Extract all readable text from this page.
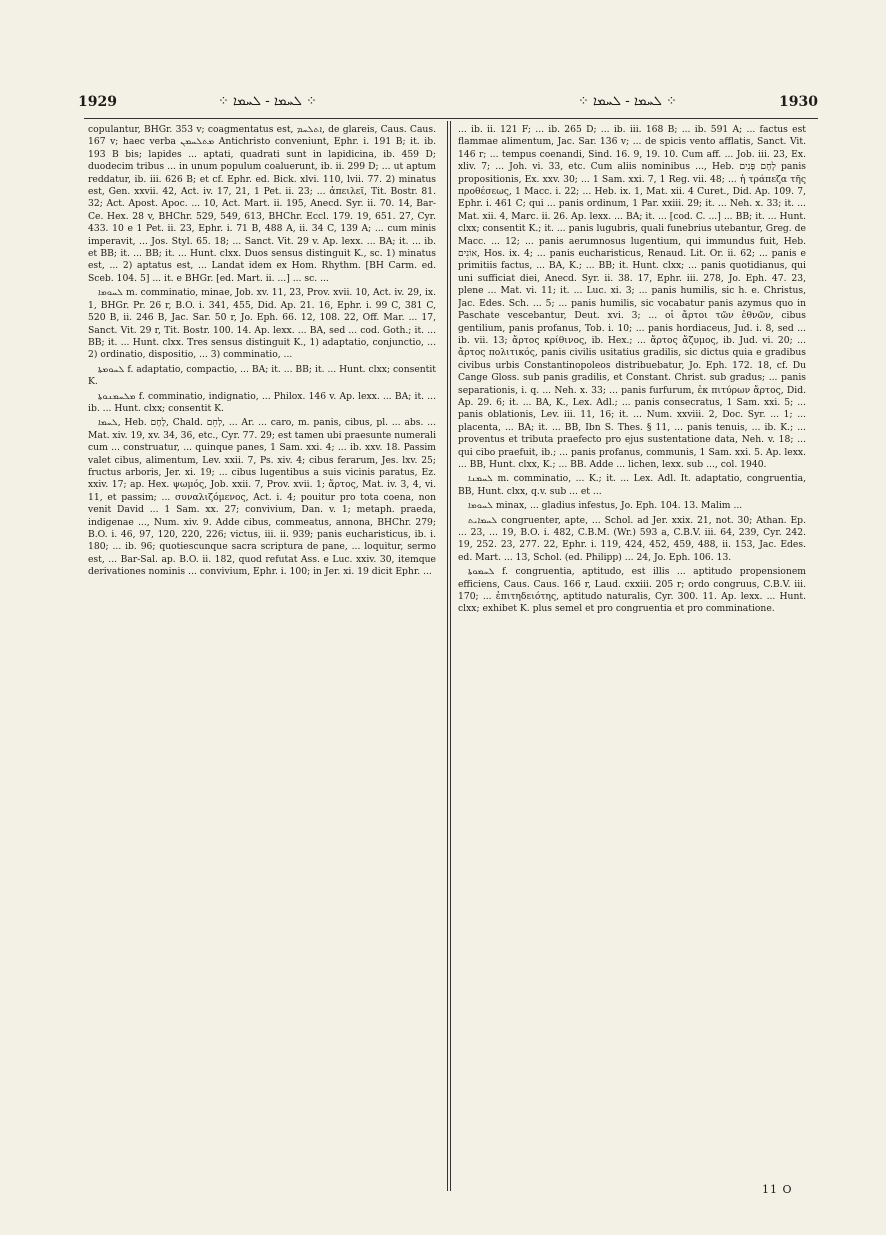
1929	⁘ ܠܚܡܐ - ܠܚܡܐ ⁘	⁘ ܠܚܡܐ - ܠܚܡܐ ⁘	1930

copulantur, BHGr. 353 v; coagmentatus est, ܐܬܠܚܡ, de glareis, Caus. Caus. 167 v; haec verba ܡܬܠܚܡܢ Antichristo conveniunt, Ephr. i. 191 B; it. ib. 193 B bis; lapides ... aptati, quadrati sunt in lapidicina, ib. 459 D; duodecim tribus ... in unum populum coaluerunt, ib. ii. 299 D; ... ut aptum reddatur, ib. iii. 626 B; et cf. Ephr. ed. Bick. xlvi. 110, lvii. 77. 2) minatus est, Gen. xxvii. 42, Act. iv. 17, 21, 1 Pet. ii. 23; ... ἀπειλεῖ, Tit. Bostr. 81. 32; Act. Apost. Apoc. ... 10, Act. Mart. ii. 195, Anecd. Syr. ii. 70. 14, Bar-Ce. Hex. 28 v, BHChr. 529, 549, 613, BHChr. Eccl. 179. 19, 651. 27, Cyr. 433. 10 e 1 Pet. ii. 23, Ephr. i. 71 B, 488 A, ii. 34 C, 139 A; ... cum minis imperavit, ... Jos. Styl. 65. 18; ... Sanct. Vit. 29 v. Ap. lexx. ... BA; it. ... ib. et BB; it. ... BB; it. ... Hunt. clxx. Duos sensus distinguit K., sc. 1) minatus est, ... 2) aptatus est, ... Landat idem ex Hom. Rhythm. [BH Carm. ed. Sceb. 104. 5] ... it. e BHGr. [ed. Mart. ii. ...] ... sc. ...

ܠܚܘܡܐ m. comminatio, minae, Job. xv. 11, 23, Prov. xvii. 10, Act. iv. 29, ix. 1, BHGr. Pr. 26 r, B.O. i. 341, 455, Did. Ap. 21. 16, Ephr. i. 99 C, 381 C, 520 B, ii. 246 B, Jac. Sar. 50 r, Jo. Eph. 66. 12, 108. 22, Off. Mar. ... 17, Sanct. Vit. 29 r, Tit. Bostr. 100. 14. Ap. lexx. ... BA, sed ... cod. Goth.; it. ... BB; it. ... Hunt. clxx. Tres sensus distinguit K., 1) adaptatio, conjunctio, ... 2) ordinatio, dispositio, ... 3) comminatio, ...

ܠܚܘܡܬܐ f. adaptatio, compactio, ... BA; it. ... BB; it. ... Hunt. clxx; consentit K.

ܡܠܚܡܢܘܬܐ f. comminatio, indignatio, ... Philox. 146 v. Ap. lexx. ... BA; it. ... ib. ... Hunt. clxx; consentit K.

ܠܚܡܐ, Heb. לֶחֶם, Chald. לְחֵם, ... Ar. ... caro, m. panis, cibus, pl. ... abs. ... Mat. xiv. 19, xv. 34, 36, etc., Cyr. 77. 29; est tamen ubi praesunte numerali cum ... construatur, ... quinque panes, 1 Sam. xxi. 4; ... ib. xxv. 18. Passim valet cibus, alimentum, Lev. xxii. 7, Ps. xiv. 4; cibus ferarum, Jes. lxv. 25; fructus arboris, Jer. xi. 19; ... cibus lugentibus a suis vicinis paratus, Ez. xxiv. 17; ap. Hex. ψωμός, Job. xxii. 7, Prov. xvii. 1; ἄρτος, Mat. iv. 3, 4, vi. 11, et passim; ... συναλιζόμενος, Act. i. 4; pouitur pro tota coena, non venit David ... 1 Sam. xx. 27; convivium, Dan. v. 1; metaph. praeda, indigenae ..., Num. xiv. 9. Adde cibus, commeatus, annona, BHChr. 279; B.O. i. 46, 97, 120, 220, 226; victus, iii. ii. 939; panis eucharisticus, ib. i. 180; ... ib. 96; quotiescunque sacra scriptura de pane, ... loquitur, sermo est, ... Bar-Sal. ap. B.O. ii. 182, quod refutat Ass. e Luc. xxiv. 30, itemque derivationes nominis ... convivium, Ephr. i. 100; in Jer. xi. 19 dicit Ephr. ...

... ib. ii. 121 F; ... ib. 265 D; ... ib. iii. 168 B; ... ib. 591 A; ... factus est flammae alimentum, Jac. Sar. 136 v; ... de spicis vento afflatis, Sanct. Vit. 146 r; ... tempus coenandi, Sind. 16. 9, 19. 10. Cum aff. ... Job. iii. 23, Ex. xliv. 7; ... Joh. vi. 33, etc. Cum aliis nominibus ..., Heb. לֶחֶם פָּנִים panis propositionis, Ex. xxv. 30; ... 1 Sam. xxi. 7, 1 Reg. vii. 48; ... ἡ τράπεζα τῆς προθέσεως, 1 Macc. i. 22; ... Heb. ix. 1, Mat. xii. 4 Curet., Did. Ap. 109. 7, Ephr. i. 461 C; qui ... panis ordinum, 1 Par. xxiii. 29; it. ... Neh. x. 33; it. ... Mat. xii. 4, Marc. ii. 26. Ap. lexx. ... BA; it. ... [cod. C. ...] ... BB; it. ... Hunt. clxx; consentit K.; it. ... panis lugubris, quali funebrius utebantur, Greg. de Macc. ... 12; ... panis aerumnosus lugentium, qui immundus fuit, Heb. אוֹנִים, Hos. ix. 4; ... panis eucharisticus, Renaud. Lit. Or. ii. 62; ... panis e primitiis factus, ... BA, K.; ... BB; it. Hunt. clxx; ... panis quotidianus, qui uni sufficiat diei, Anecd. Syr. ii. 38. 17, Ephr. iii. 278, Jo. Eph. 47. 23, plene ... Mat. vi. 11; it. ... Luc. xi. 3; ... panis humilis, sic h. e. Christus, Jac. Edes. Sch. ... 5; ... panis humilis, sic vocabatur panis azymus quo in Paschate vescebantur, Deut. xvi. 3; ... οἱ ἄρτοι τῶν ἐθνῶν, cibus gentilium, panis profanus, Tob. i. 10; ... panis hordiaceus, Jud. i. 8, sed ... ib. vii. 13; ἄρτος κρίθινος, ib. Hex.; ... ἄρτος ἄζυμος, ib. Jud. vi. 20; ... ἄρτος πολιτικός, panis civilis usitatius gradilis, sic dictus quia e gradibus civibus urbis Constantinopoleos distribuebatur, Jo. Eph. 172. 18, cf. Du Cange Gloss. sub panis gradilis, et Constant. Christ. sub gradus; ... panis separationis, i. q. ... Neh. x. 33; ... panis furfurum, ἐκ πιτύρων ἄρτος, Did. Ap. 29. 6; it. ... BA, K., Lex. Adl.; ... panis consecratus, 1 Sam. xxi. 5; ... panis oblationis, Lev. iii. 11, 16; it. ... Num. xxviii. 2, Doc. Syr. ... 1; ... placenta, ... BA; it. ... BB, Ibn S. Thes. § 11, ... panis tenuis, ... ib. K.; ... proventus et tributa praefecto pro ejus sustentatione data, Neh. v. 18; ... qui cibo praefuit, ib.; ... panis profanus, communis, 1 Sam. xxi. 5. Ap. lexx. ... BB, Hunt. clxx, K.; ... BB. Adde ... lichen, lexx. sub ..., col. 1940.

ܠܚܡܢܐ m. comminatio, ... K.; it. ... Lex. Adl. It. adaptatio, congruentia, BB, Hunt. clxx, q.v. sub ... et ...

ܠܚܘܡܐ minax, ... gladius infestus, Jo. Eph. 104. 13. Malim ...

ܠܚܡܐܝܬ congruenter, apte, ... Schol. ad Jer. xxix. 21, not. 30; Athan. Ep. ... 23, ... 19, B.O. i. 482, C.B.M. (Wr.) 593 a, C.B.V. iii. 64, 239, Cyr. 242. 19, 252. 23, 277. 22, Ephr. i. 119, 424, 452, 459, 488, ii. 153, Jac. Edes. ed. Mart. ... 13, Schol. (ed. Philipp) ... 24, Jo. Eph. 106. 13.

ܠܚܡܘܬܐ f. congruentia, aptitudo, est illis ... aptitudo propensionem efficiens, Caus. Caus. 166 r, Laud. cxxiii. 205 r; ordo congruus, C.B.V. iii. 170; ... ἐπιτηδειότης, aptitudo naturalis, Cyr. 300. 11. Ap. lexx. ... Hunt. clxx; exhibet K. plus semel et pro congruentia et pro comminatione.

11 O
